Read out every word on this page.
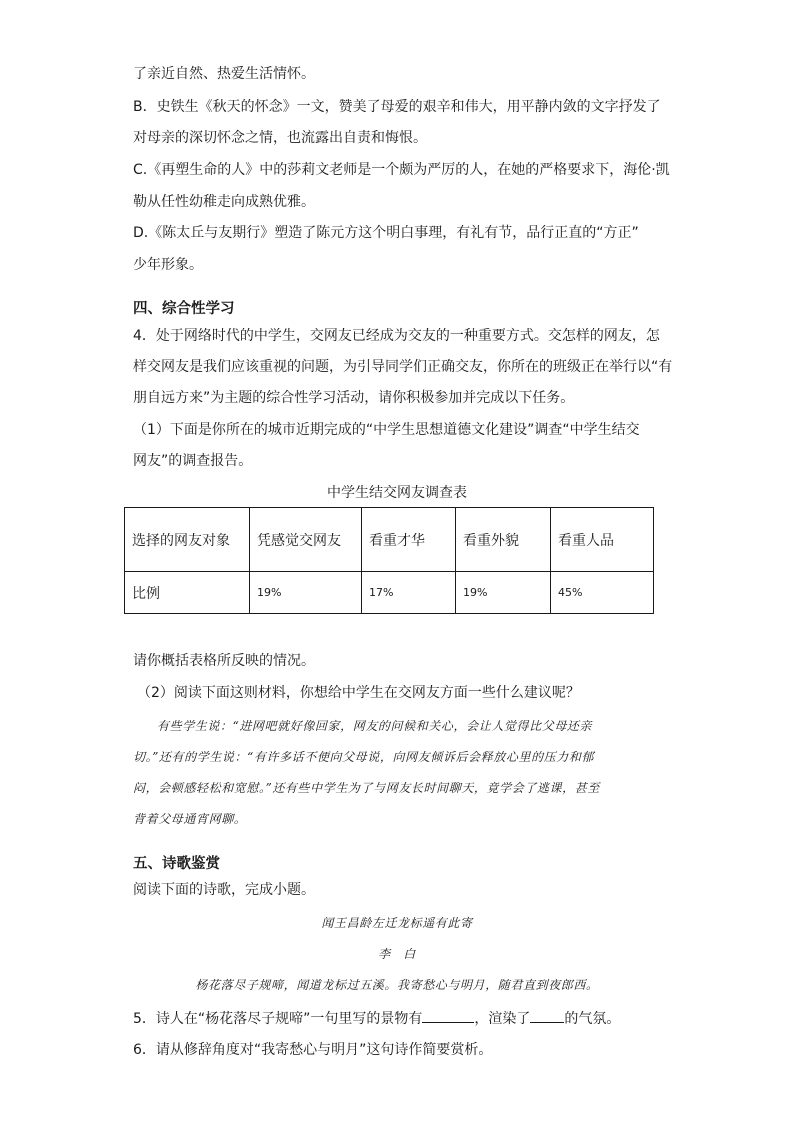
了亲近自然、热爱生活情怀。
B．史铁生《秋天的怀念》一文，赞美了母爱的艰辛和伟大，用平静内敛的文字抒发了
对母亲的深切怀念之情，也流露出自责和悔恨。
C.《再塑生命的人》中的莎莉文老师是一个颇为严厉的人，在她的严格要求下，海伦·凯
勒从任性幼稚走向成熟优雅。
D.《陈太丘与友期行》塑造了陈元方这个明白事理，有礼有节，品行正直的“方正”
少年形象。
四、综合性学习
4．处于网络时代的中学生，交网友已经成为交友的一种重要方式。交怎样的网友，怎
样交网友是我们应该重视的问题，为引导同学们正确交友，你所在的班级正在举行以“有
朋自远方来”为主题的综合性学习活动，请你积极参加并完成以下任务。
（1）下面是你所在的城市近期完成的“中学生思想道德文化建设”调查“中学生结交
网友”的调查报告。
中学生结交网友调查表
选择的网友对象	凭感觉交网友	看重才华	看重外貌	看重人品
比例	19%	17%	19%	45%
请你概括表格所反映的情况。
（2）阅读下面这则材料，你想给中学生在交网友方面一些什么建议呢？
有些学生说：“进网吧就好像回家，网友的问候和关心，会让人觉得比父母还亲
切。”还有的学生说：“有许多话不便向父母说，向网友倾诉后会释放心里的压力和郁
闷，会顿感轻松和宽慰。”还有些中学生为了与网友长时间聊天，竟学会了逃课，甚至
背着父母通宵网聊。
五、诗歌鉴赏
阅读下面的诗歌，完成小题。
闻王昌龄左迁龙标遥有此寄
李　白
杨花落尽子规啼，闻道龙标过五溪。我寄愁心与明月，随君直到夜郎西。
5．诗人在“杨花落尽子规啼”一句里写的景物有	，渲染了 的气氛。
6．请从修辞角度对“我寄愁心与明月”这句诗作简要赏析。
